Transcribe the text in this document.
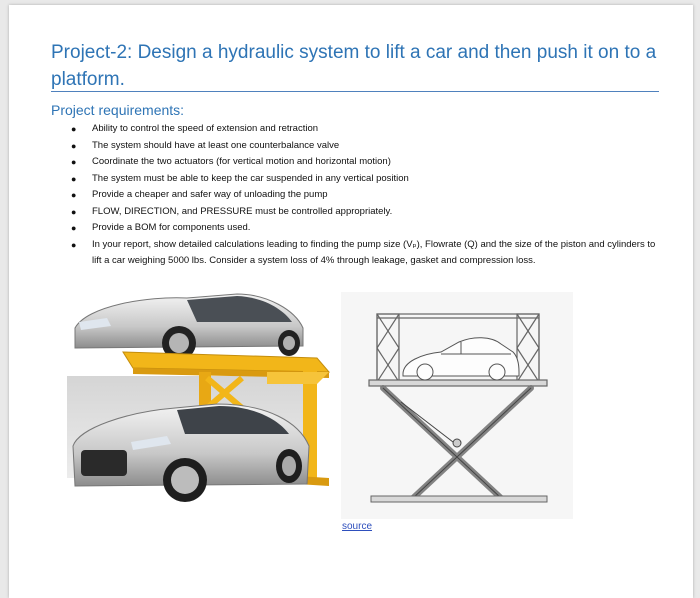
Project-2: Design a hydraulic system to lift a car and then push it on to a platform.
Project requirements:
● Ability to control the speed of extension and retraction
● The system should have at least one counterbalance valve
● Coordinate the two actuators (for vertical motion and horizontal motion)
● The system must be able to keep the car suspended in any vertical position
● Provide a cheaper and safer way of unloading the pump
● FLOW, DIRECTION, and PRESSURE must be controlled appropriately.
● Provide a BOM for components used.
● In your report, show detailed calculations leading to finding the pump size (Vₚ), Flowrate (Q) and the size of the piston and cylinders to lift a car weighing 5000 lbs. Consider a system loss of 4% through leakage, gasket and compression loss.
source
